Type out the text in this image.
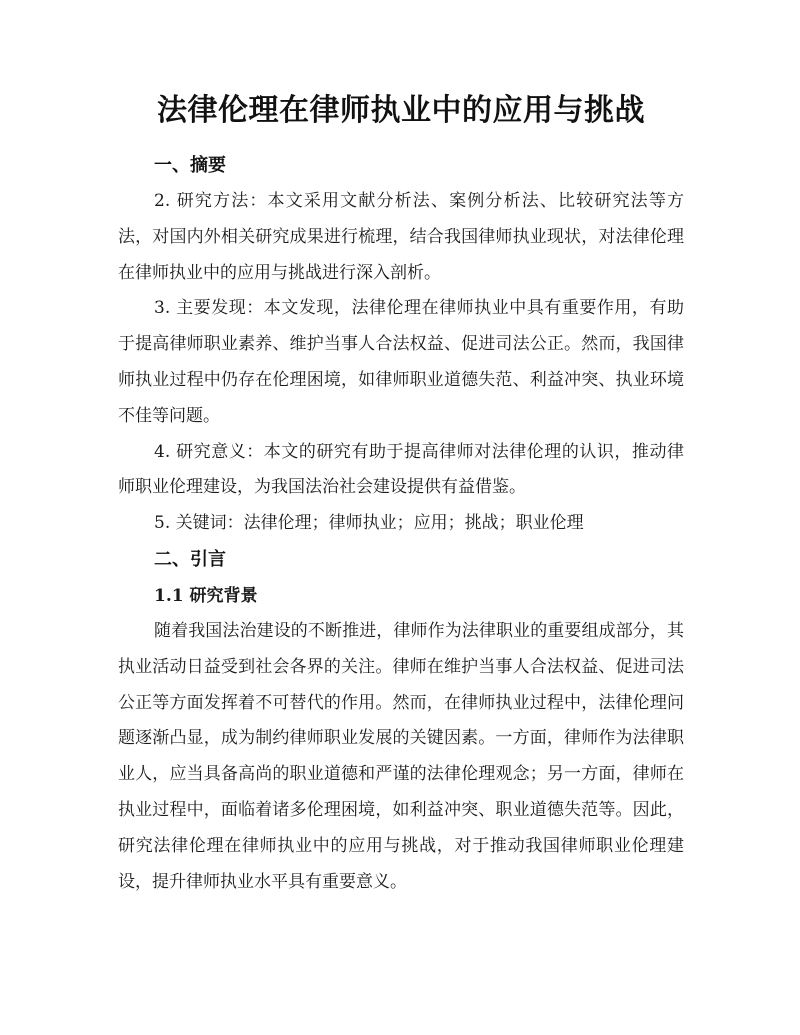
法律伦理在律师执业中的应用与挑战
一、摘要

2. 研究方法：本文采用文献分析法、案例分析法、比较研究法等方法，对国内外相关研究成果进行梳理，结合我国律师执业现状，对法律伦理在律师执业中的应用与挑战进行深入剖析。

3. 主要发现：本文发现，法律伦理在律师执业中具有重要作用，有助于提高律师职业素养、维护当事人合法权益、促进司法公正。然而，我国律师执业过程中仍存在伦理困境，如律师职业道德失范、利益冲突、执业环境不佳等问题。

4. 研究意义：本文的研究有助于提高律师对法律伦理的认识，推动律师职业伦理建设，为我国法治社会建设提供有益借鉴。

5. 关键词：法律伦理；律师执业；应用；挑战；职业伦理

二、引言
1.1 研究背景

随着我国法治建设的不断推进，律师作为法律职业的重要组成部分，其执业活动日益受到社会各界的关注。律师在维护当事人合法权益、促进司法公正等方面发挥着不可替代的作用。然而，在律师执业过程中，法律伦理问题逐渐凸显，成为制约律师职业发展的关键因素。一方面，律师作为法律职业人，应当具备高尚的职业道德和严谨的法律伦理观念；另一方面，律师在执业过程中，面临着诸多伦理困境，如利益冲突、职业道德失范等。因此，研究法律伦理在律师执业中的应用与挑战，对于推动我国律师职业伦理建设，提升律师执业水平具有重要意义。
